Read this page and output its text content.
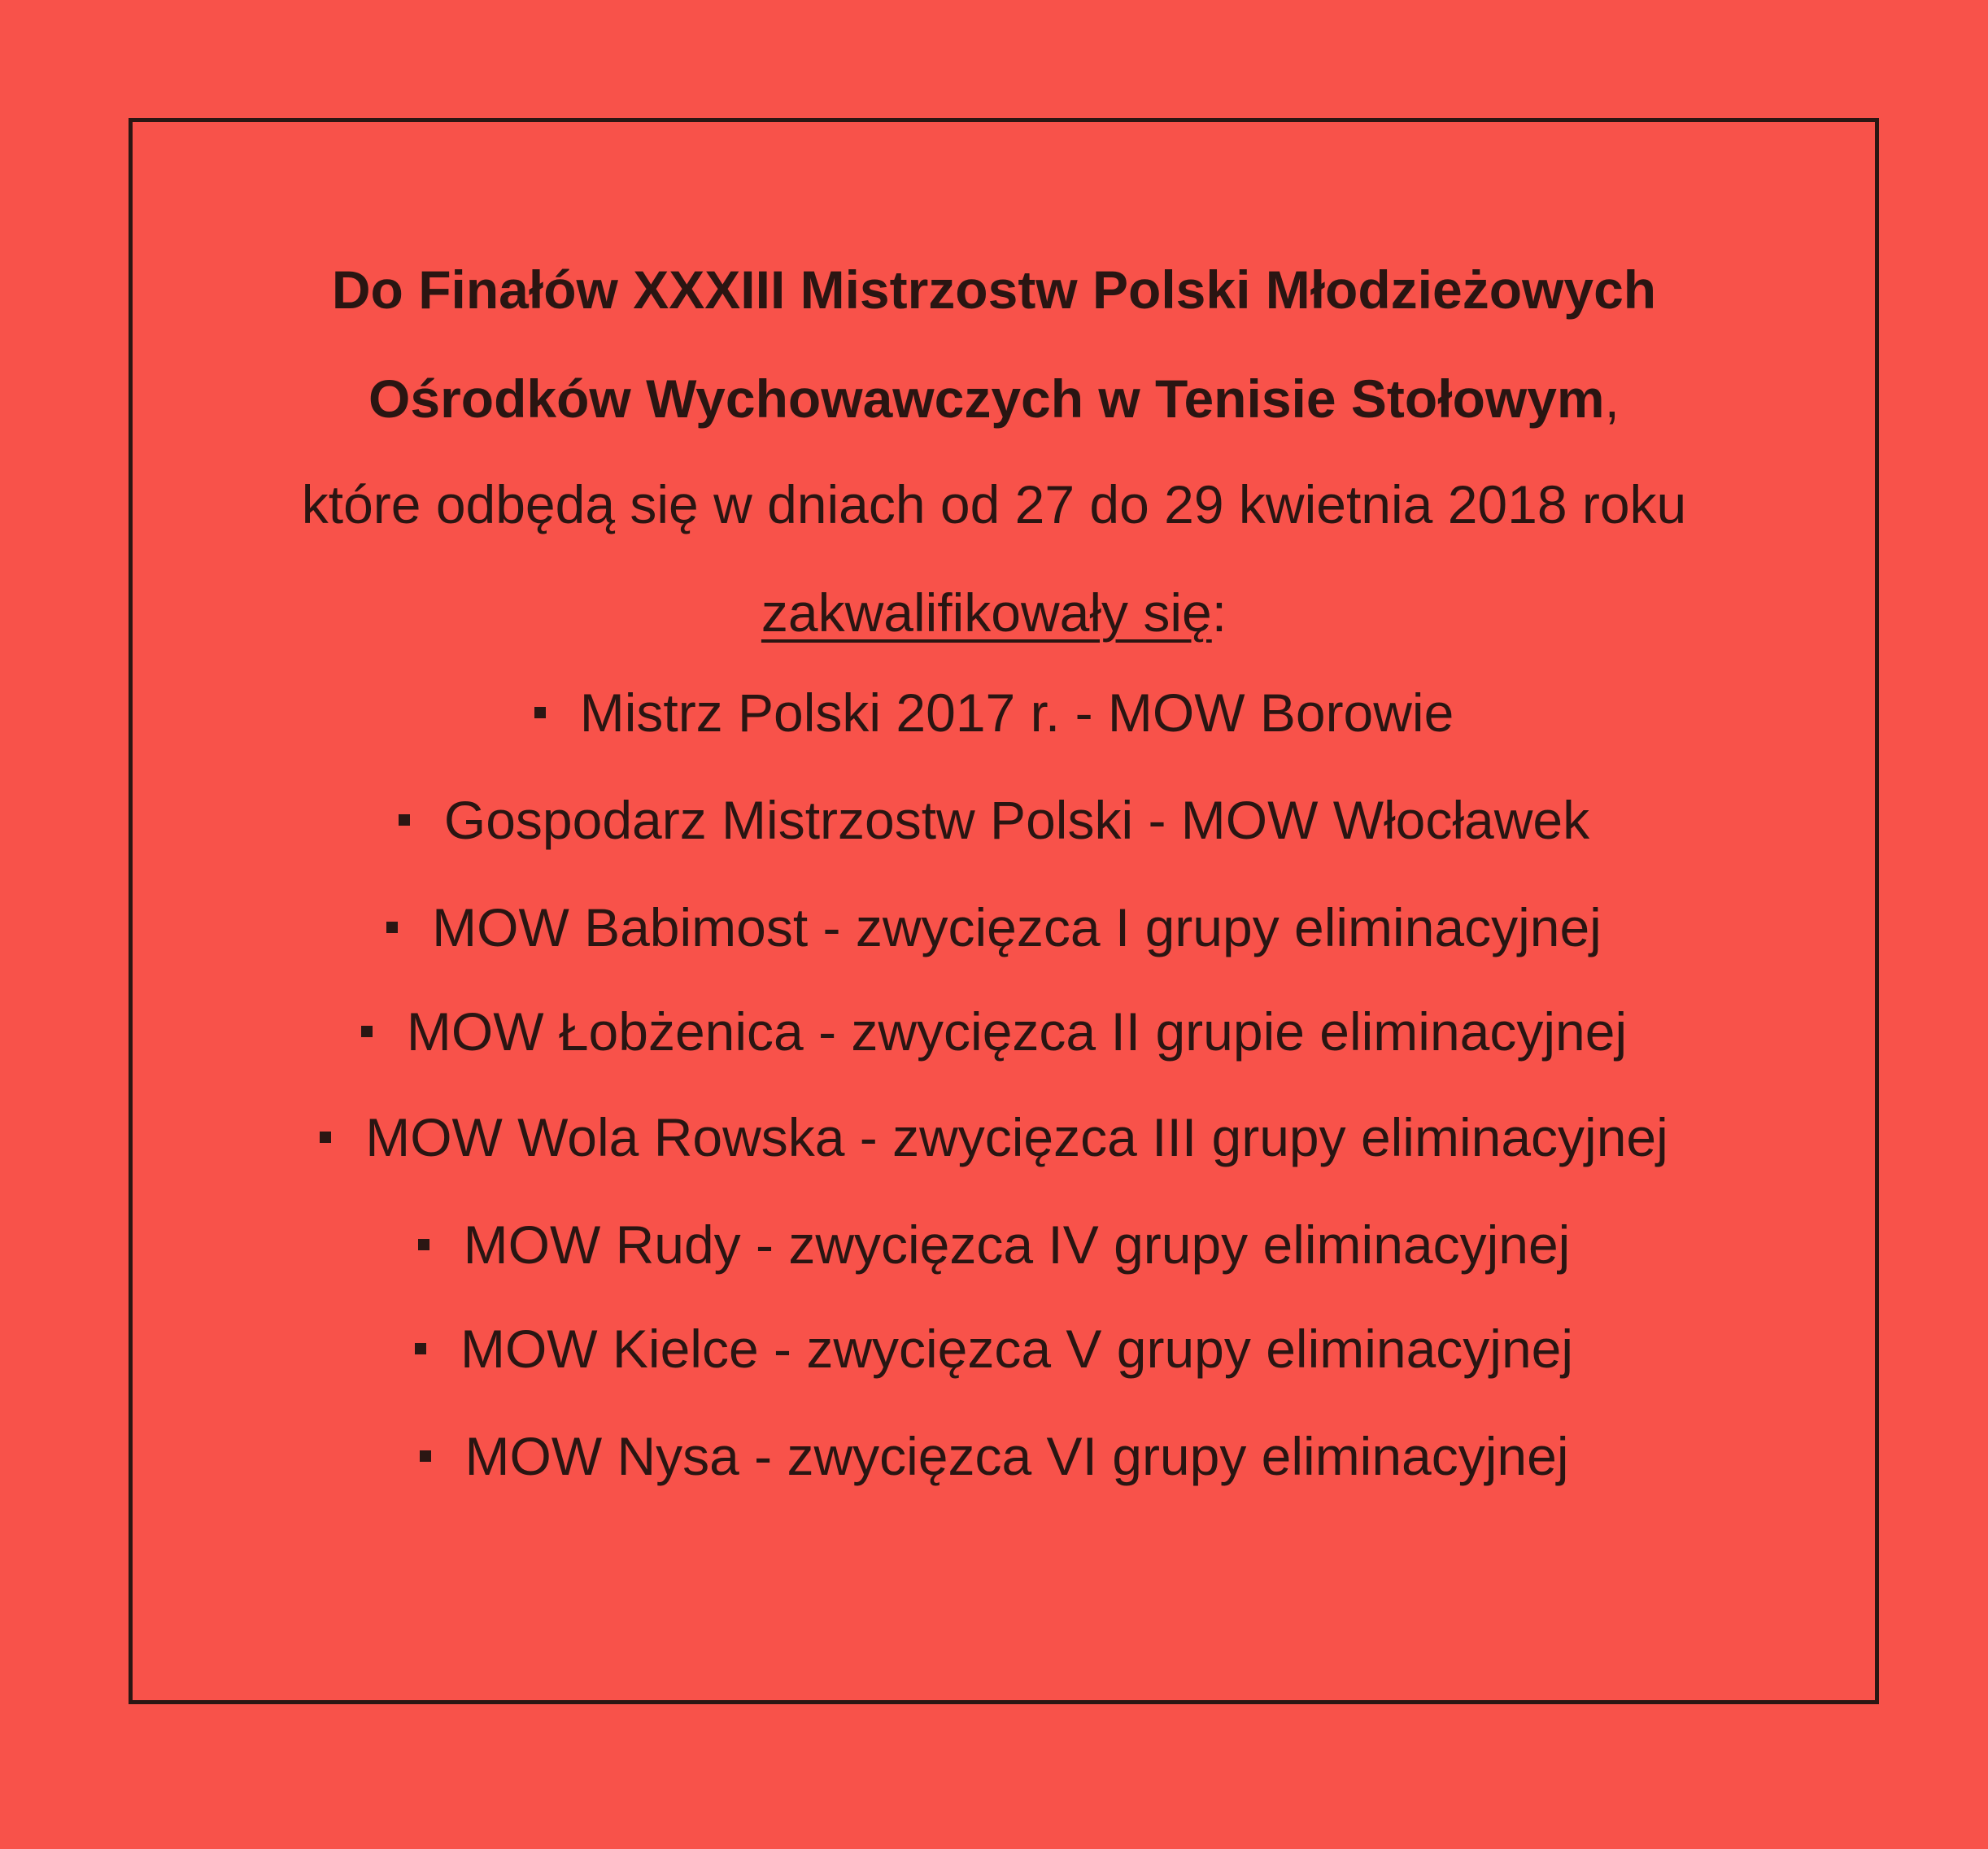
Do Finałów XXXIII Mistrzostw Polski Młodzieżowych
Ośrodków Wychowawczych w Tenisie Stołowym,
które odbędą się w dniach od 27 do 29 kwietnia 2018 roku
zakwalifikowały się:
Mistrz Polski 2017 r. - MOW Borowie
Gospodarz Mistrzostw Polski - MOW Włocławek
MOW Babimost - zwycięzca I grupy eliminacyjnej
MOW Łobżenica - zwycięzca II grupie eliminacyjnej
MOW Wola Rowska - zwycięzca III grupy eliminacyjnej
MOW Rudy - zwycięzca IV grupy eliminacyjnej
MOW Kielce - zwycięzca V grupy eliminacyjnej
MOW Nysa - zwycięzca VI grupy eliminacyjnej
